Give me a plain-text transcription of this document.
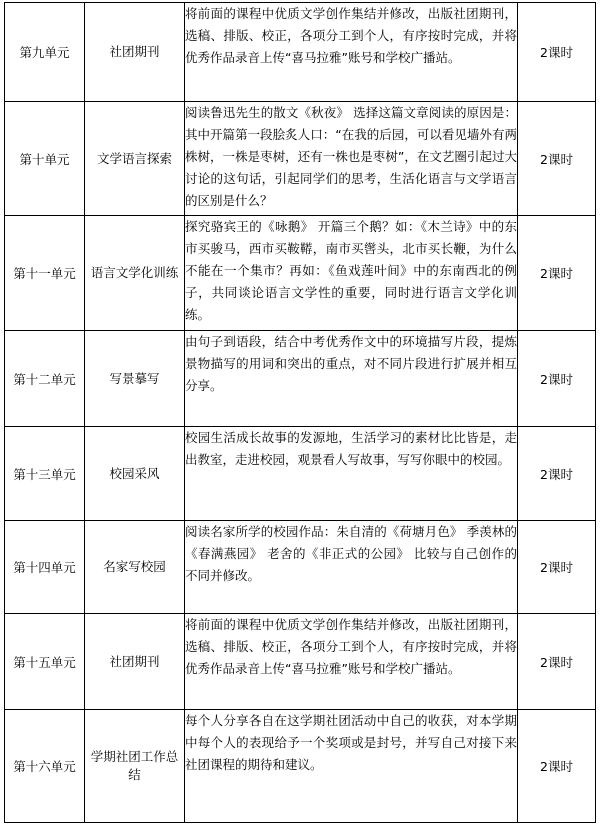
第九单元	社团期刊	将前面的课程中优质文学创作集结并修改，出版社团期刊，选稿、排版、校正，各项分工到个人，有序按时完成，并将优秀作品录音上传“喜马拉雅”账号和学校广播站。	2课时
第十单元	文学语言探索	阅读鲁迅先生的散文《秋夜》 选择这篇文章阅读的原因是：其中开篇第一段脍炙人口：“在我的后园，可以看见墙外有两株树，一株是枣树，还有一株也是枣树”，在文艺圈引起过大讨论的这句话，引起同学们的思考，生活化语言与文学语言的区别是什么？	2课时
第十一单元	语言文学化训练	探究骆宾王的《咏鹅》 开篇三个鹅？如：《木兰诗》中的东市买骏马，西市买鞍鞯，南市买辔头，北市买长鞭，为什么不能在一个集市？再如：《鱼戏莲叶间》中的东南西北的例子，共同谈论语言文学性的重要，同时进行语言文学化训练。	2课时
第十二单元	写景摹写	由句子到语段，结合中考优秀作文中的环境描写片段，提炼景物描写的用词和突出的重点，对不同片段进行扩展并相互分享。	2课时
第十三单元	校园采风	校园生活成长故事的发源地，生活学习的素材比比皆是，走出教室，走进校园，观景看人写故事，写写你眼中的校园。	2课时
第十四单元	名家写校园	阅读名家所学的校园作品：朱自清的《荷塘月色》 季羡林的《春满燕园》 老舍的《非正式的公园》 比较与自己创作的不同并修改。	2课时
第十五单元	社团期刊	将前面的课程中优质文学创作集结并修改，出版社团期刊，选稿、排版、校正，各项分工到个人，有序按时完成，并将优秀作品录音上传“喜马拉雅”账号和学校广播站。	2课时
第十六单元	学期社团工作总结	每个人分享各自在这学期社团活动中自己的收获，对本学期中每个人的表现给予一个奖项或是封号，并写自己对接下来社团课程的期待和建议。	2课时
